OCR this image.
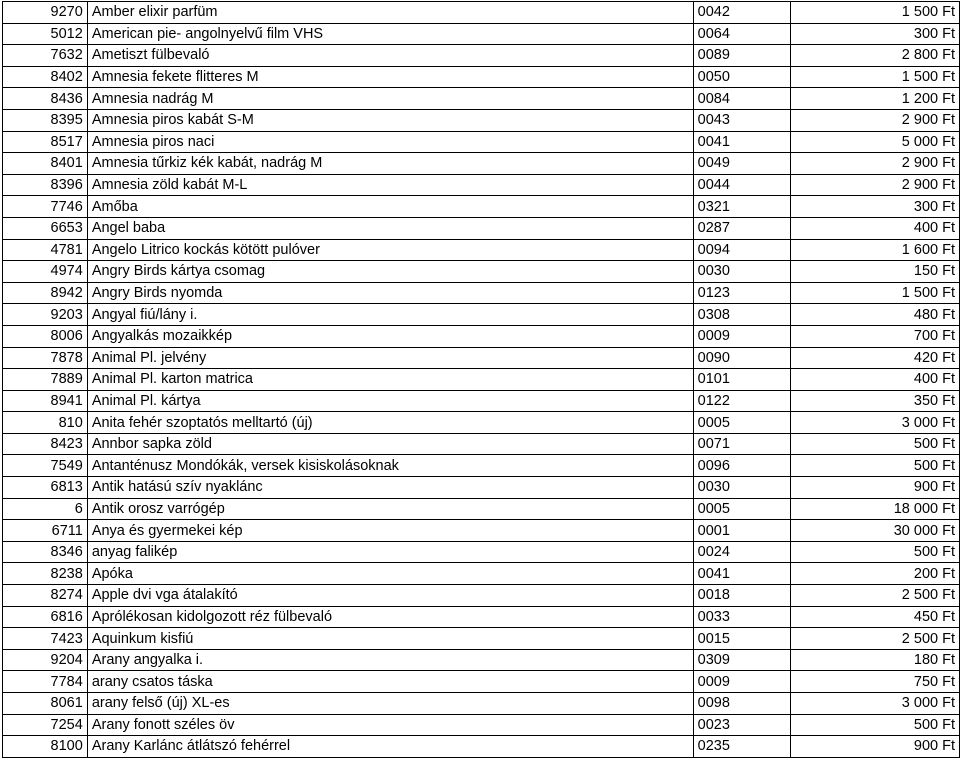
9270	Amber elixir parfüm	0042	1 500 Ft
5012	American pie- angolnyelvű film VHS	0064	300 Ft
7632	Ametiszt fülbevaló	0089	2 800 Ft
8402	Amnesia fekete flitteres M	0050	1 500 Ft
8436	Amnesia nadrág M	0084	1 200 Ft
8395	Amnesia piros kabát S-M	0043	2 900 Ft
8517	Amnesia piros naci	0041	5 000 Ft
8401	Amnesia tűrkiz kék kabát, nadrág M	0049	2 900 Ft
8396	Amnesia zöld kabát M-L	0044	2 900 Ft
7746	Amőba	0321	300 Ft
6653	Angel baba	0287	400 Ft
4781	Angelo Litrico kockás kötött pulóver	0094	1 600 Ft
4974	Angry Birds kártya csomag	0030	150 Ft
8942	Angry Birds nyomda	0123	1 500 Ft
9203	Angyal fiú/lány i.	0308	480 Ft
8006	Angyalkás mozaikkép	0009	700 Ft
7878	Animal Pl. jelvény	0090	420 Ft
7889	Animal Pl. karton matrica	0101	400 Ft
8941	Animal Pl. kártya	0122	350 Ft
810	Anita fehér szoptatós melltartó (új)	0005	3 000 Ft
8423	Annbor sapka zöld	0071	500 Ft
7549	Antanténusz Mondókák, versek kisiskolásoknak	0096	500 Ft
6813	Antik hatású szív nyaklánc	0030	900 Ft
6	Antik orosz varrógép	0005	18 000 Ft
6711	Anya és gyermekei kép	0001	30 000 Ft
8346	anyag falikép	0024	500 Ft
8238	Apóka	0041	200 Ft
8274	Apple dvi vga átalakító	0018	2 500 Ft
6816	Aprólékosan kidolgozott réz fülbevaló	0033	450 Ft
7423	Aquinkum kisfiú	0015	2 500 Ft
9204	Arany angyalka i.	0309	180 Ft
7784	arany csatos táska	0009	750 Ft
8061	arany felső (új) XL-es	0098	3 000 Ft
7254	Arany fonott széles öv	0023	500 Ft
8100	Arany Karlánc átlátszó fehérrel	0235	900 Ft
